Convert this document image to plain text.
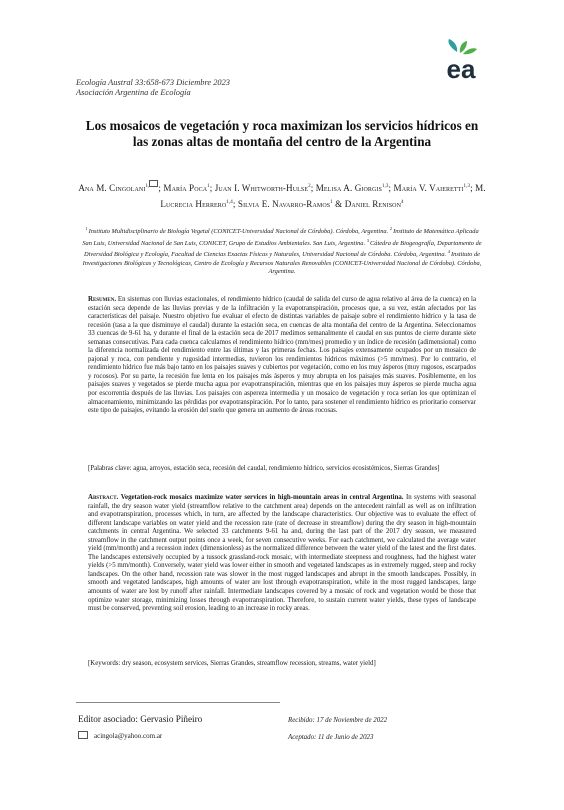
Ecología Austral 33:658-673 Diciembre 2023
Asociación Argentina de Ecología
ea
Los mosaicos de vegetación y roca maximizan los servicios hídricos en las zonas altas de montaña del centro de la Argentina
Ana M. Cingolani$^{1,}$ ; María Poca$^1$; Juan I. Whitworth-Hulse$^2$; Melisa A. Giorgis$^{1,3}$; María V. Vaieretti$^{1,3}$; M. Lucrecia Herrero$^{1,4}$; Silvia E. Navarro-Ramos$^1$ & Daniel Renison$^4$
$^1$ Instituto Multidisciplinario de Biología Vegetal (CONICET-Universidad Nacional de Córdoba). Córdoba, Argentina. $^2$ Instituto de Matemática Aplicada San Luis, Universidad Nacional de San Luis, CONICET, Grupo de Estudios Ambientales. San Luis, Argentina. $^3$ Cátedra de Biogeografía, Departamento de Diversidad Biológica y Ecología, Facultad de Ciencias Exactas Físicas y Naturales, Universidad Nacional de Córdoba. Córdoba, Argentina. $^4$ Instituto de Investigaciones Biológicas y Tecnológicas, Centro de Ecología y Recursos Naturales Renovables (CONICET-Universidad Nacional de Córdoba). Córdoba, Argentina.
Resumen. En sistemas con lluvias estacionales, el rendimiento hídrico (caudal de salida del curso de agua relativo al área de la cuenca) en la estación seca depende de las lluvias previas y de la infiltración y la evapotranspiración, procesos que, a su vez, están afectados por las características del paisaje. Nuestro objetivo fue evaluar el efecto de distintas variables de paisaje sobre el rendimiento hídrico y la tasa de recesión (tasa a la que disminuye el caudal) durante la estación seca, en cuencas de alta montaña del centro de la Argentina. Seleccionamos 33 cuencas de 9-61 ha, y durante el final de la estación seca de 2017 medimos semanalmente el caudal en sus puntos de cierre durante siete semanas consecutivas. Para cada cuenca calculamos el rendimiento hídrico (mm/mes) promedio y un índice de recesión (adimensional) como la diferencia normalizada del rendimiento entre las últimas y las primeras fechas. Los paisajes extensamente ocupados por un mosaico de pajonal y roca, con pendiente y rugosidad intermedias, tuvieron los rendimientos hídricos máximos (>5 mm/mes). Por lo contrario, el rendimiento hídrico fue más bajo tanto en los paisajes suaves y cubiertos por vegetación, como en los muy ásperos (muy rugosos, escarpados y rocosos). Por su parte, la recesión fue lenta en los paisajes más ásperos y muy abrupta en los paisajes más suaves. Posiblemente, en los paisajes suaves y vegetados se pierde mucha agua por evapotranspiración, mientras que en los paisajes muy ásperos se pierde mucha agua por escorrentía después de las lluvias. Los paisajes con aspereza intermedia y un mosaico de vegetación y roca serían los que optimizan el almacenamiento, minimizando las pérdidas por evapotranspiración. Por lo tanto, para sostener el rendimiento hídrico es prioritario conservar este tipo de paisajes, evitando la erosión del suelo que genera un aumento de áreas rocosas.
[Palabras clave: agua, arroyos, estación seca, recesión del caudal, rendimiento hídrico, servicios ecosistémicos, Sierras Grandes]
Abstract. Vegetation-rock mosaics maximize water services in high-mountain areas in central Argentina. In systems with seasonal rainfall, the dry season water yield (streamflow relative to the catchment area) depends on the antecedent rainfall as well as on infiltration and evapotranspiration, processes which, in turn, are affected by the landscape characteristics. Our objective was to evaluate the effect of different landscape variables on water yield and the recession rate (rate of decrease in streamflow) during the dry season in high-mountain catchments in central Argentina. We selected 33 catchments 9-61 ha and, during the last part of the 2017 dry season, we measured streamflow in the catchment output points once a week, for seven consecutive weeks. For each catchment, we calculated the average water yield (mm/month) and a recession index (dimensionless) as the normalized difference between the water yield of the latest and the first dates. The landscapes extensively occupied by a tussock grassland-rock mosaic, with intermediate steepness and roughness, had the highest water yields (>5 mm/month). Conversely, water yield was lower either in smooth and vegetated landscapes as in extremely rugged, steep and rocky landscapes. On the other hand, recession rate was slower in the most rugged landscapes and abrupt in the smooth landscapes. Possibly, in smooth and vegetated landscapes, high amounts of water are lost through evapotranspiration, while in the most rugged landscapes, large amounts of water are lost by runoff after rainfall. Intermediate landscapes covered by a mosaic of rock and vegetation would be those that optimize water storage, minimizing losses through evapotranspiration. Therefore, to sustain current water yields, these types of landscape must be conserved, preventing soil erosion, leading to an increase in rocky areas.
[Keywords: dry season, ecosystem services, Sierras Grandes, streamflow recession, streams, water yield]
Editor asociado: Gervasio Piñeiro
acingola@yahoo.com.ar
Recibido: 17 de Noviembre de 2022
Aceptado: 11 de Junio de 2023
